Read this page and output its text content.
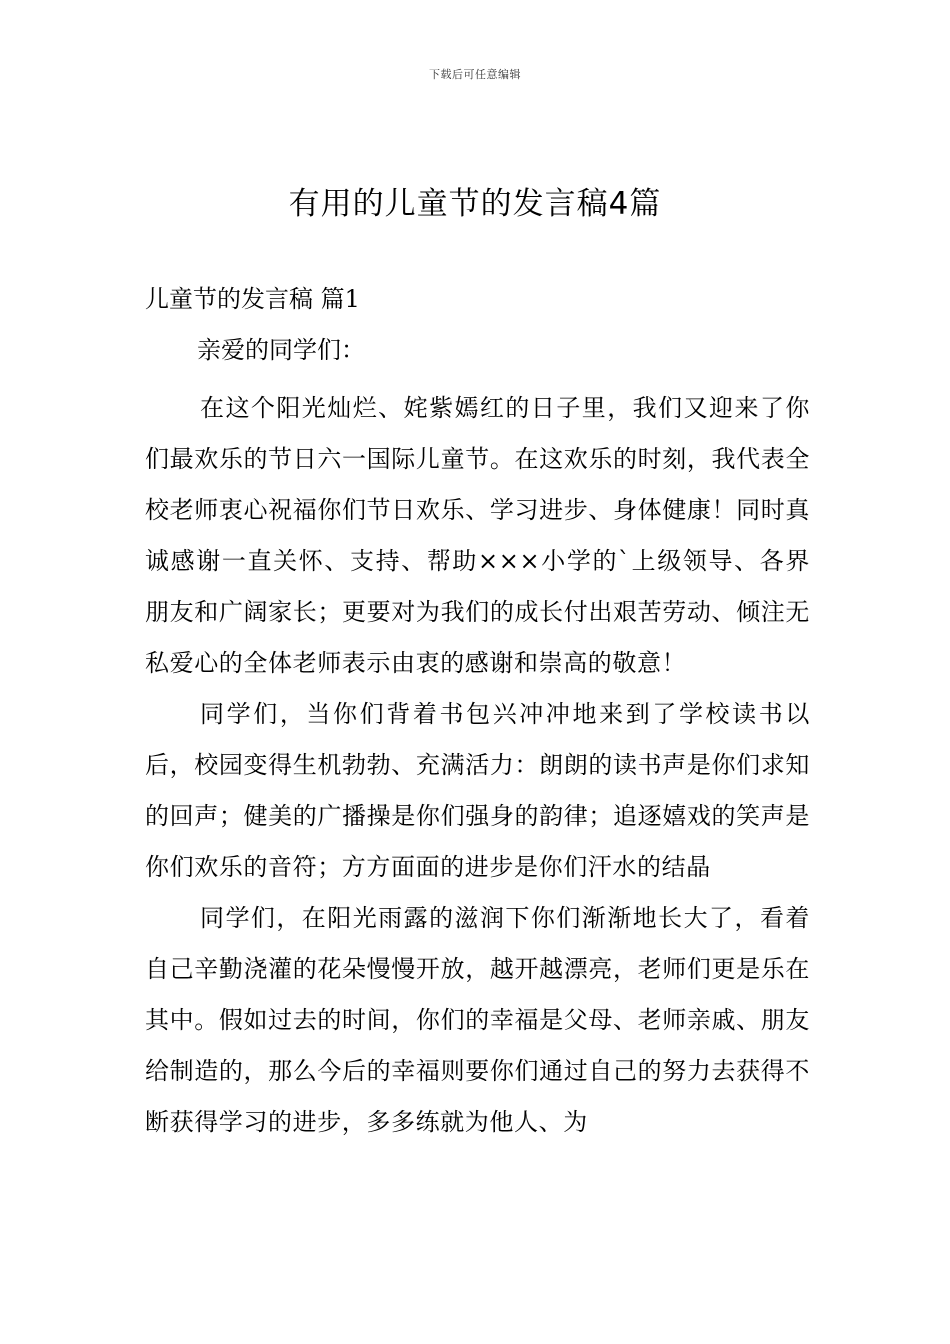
下载后可任意编辑
有用的儿童节的发言稿4篇
儿童节的发言稿 篇1

亲爱的同学们：

在这个阳光灿烂、姹紫嫣红的日子里，我们又迎来了你们最欢乐的节日六一国际儿童节。在这欢乐的时刻，我代表全校老师衷心祝福你们节日欢乐、学习进步、身体健康！同时真诚感谢一直关怀、支持、帮助×××小学的`上级领导、各界朋友和广阔家长；更要对为我们的成长付出艰苦劳动、倾注无私爱心的全体老师表示由衷的感谢和崇高的敬意！

同学们，当你们背着书包兴冲冲地来到了学校读书以后，校园变得生机勃勃、充满活力：朗朗的读书声是你们求知的回声；健美的广播操是你们强身的韵律；追逐嬉戏的笑声是你们欢乐的音符；方方面面的进步是你们汗水的结晶

同学们，在阳光雨露的滋润下你们渐渐地长大了，看着自己辛勤浇灌的花朵慢慢开放，越开越漂亮，老师们更是乐在其中。假如过去的时间，你们的幸福是父母、老师亲戚、朋友给制造的，那么今后的幸福则要你们通过自己的努力去获得不断获得学习的进步，多多练就为他人、为
